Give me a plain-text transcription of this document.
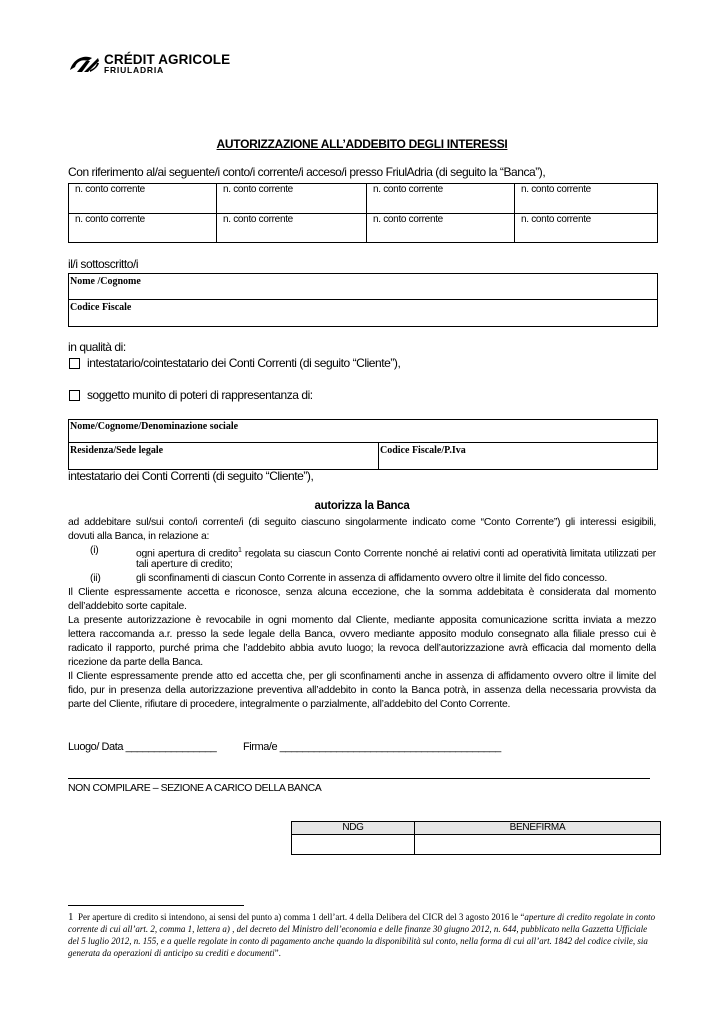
CRÉDIT AGRICOLE
FRIULADRIA
AUTORIZZAZIONE ALL’ADDEBITO DEGLI INTERESSI
Con riferimento al/ai seguente/i conto/i corrente/i acceso/i presso FriulAdria (di seguito la “Banca”),
n. conto corrente	n. conto corrente	n. conto corrente	n. conto corrente
n. conto corrente	n. conto corrente	n. conto corrente	n. conto corrente
il/i sottoscritto/i
Nome /Cognome
Codice Fiscale
in qualità di:
intestatario/cointestatario dei Conti Correnti (di seguito “Cliente”),
soggetto munito di poteri di rappresentanza di:
Nome/Cognome/Denominazione sociale
Residenza/Sede legale	Codice Fiscale/P.Iva
intestatario dei Conti Correnti (di seguito “Cliente”),
autorizza la Banca
ad addebitare sul/sui conto/i corrente/i (di seguito ciascuno singolarmente indicato come “Conto Corrente”) gli interessi esigibili,
dovuti alla Banca, in relazione a:
(i)	ogni apertura di credito$^1$ regolata su ciascun Conto Corrente nonché ai relativi conti ad operatività limitata utilizzati per
tali aperture di credito;
(ii)	gli sconfinamenti di ciascun Conto Corrente in assenza di affidamento ovvero oltre il limite del fido concesso.
Il Cliente espressamente accetta e riconosce, senza alcuna eccezione, che la somma addebitata è considerata dal momento
dell’addebito sorte capitale.
La presente autorizzazione è revocabile in ogni momento dal Cliente, mediante apposita comunicazione scritta inviata a mezzo
lettera raccomanda a.r. presso la sede legale della Banca, ovvero mediante apposito modulo consegnato alla filiale presso cui è
radicato il rapporto, purché prima che l’addebito abbia avuto luogo; la revoca dell’autorizzazione avrà efficacia dal momento della
ricezione da parte della Banca.
Il Cliente espressamente prende atto ed accetta che, per gli sconfinamenti anche in assenza di affidamento ovvero oltre il limite del
fido, pur in presenza della autorizzazione preventiva all’addebito in conto la Banca potrà, in assenza della necessaria provvista da
parte del Cliente, rifiutare di procedere, integralmente o parzialmente, all’addebito del Conto Corrente.
Luogo/ Data ________________ Firma/e _______________________________________
NON COMPILARE – SEZIONE A CARICO DELLA BANCA
NDG	BENEFIRMA

1 Per aperture di credito si intendono, ai sensi del punto a) comma 1 dell’art. 4 della Delibera del CICR del 3 agosto 2016 le “aperture di credito regolate in conto corrente di cui all’art. 2, comma 1, lettera a) , del decreto del Ministro dell’economia e delle finanze 30 giugno 2012, n. 644, pubblicato nella Gazzetta Ufficiale del 5 luglio 2012, n. 155, e a quelle regolate in conto di pagamento anche quando la disponibilità sul conto, nella forma di cui all’art. 1842 del codice civile, sia generata da operazioni di anticipo su crediti e documenti”.
